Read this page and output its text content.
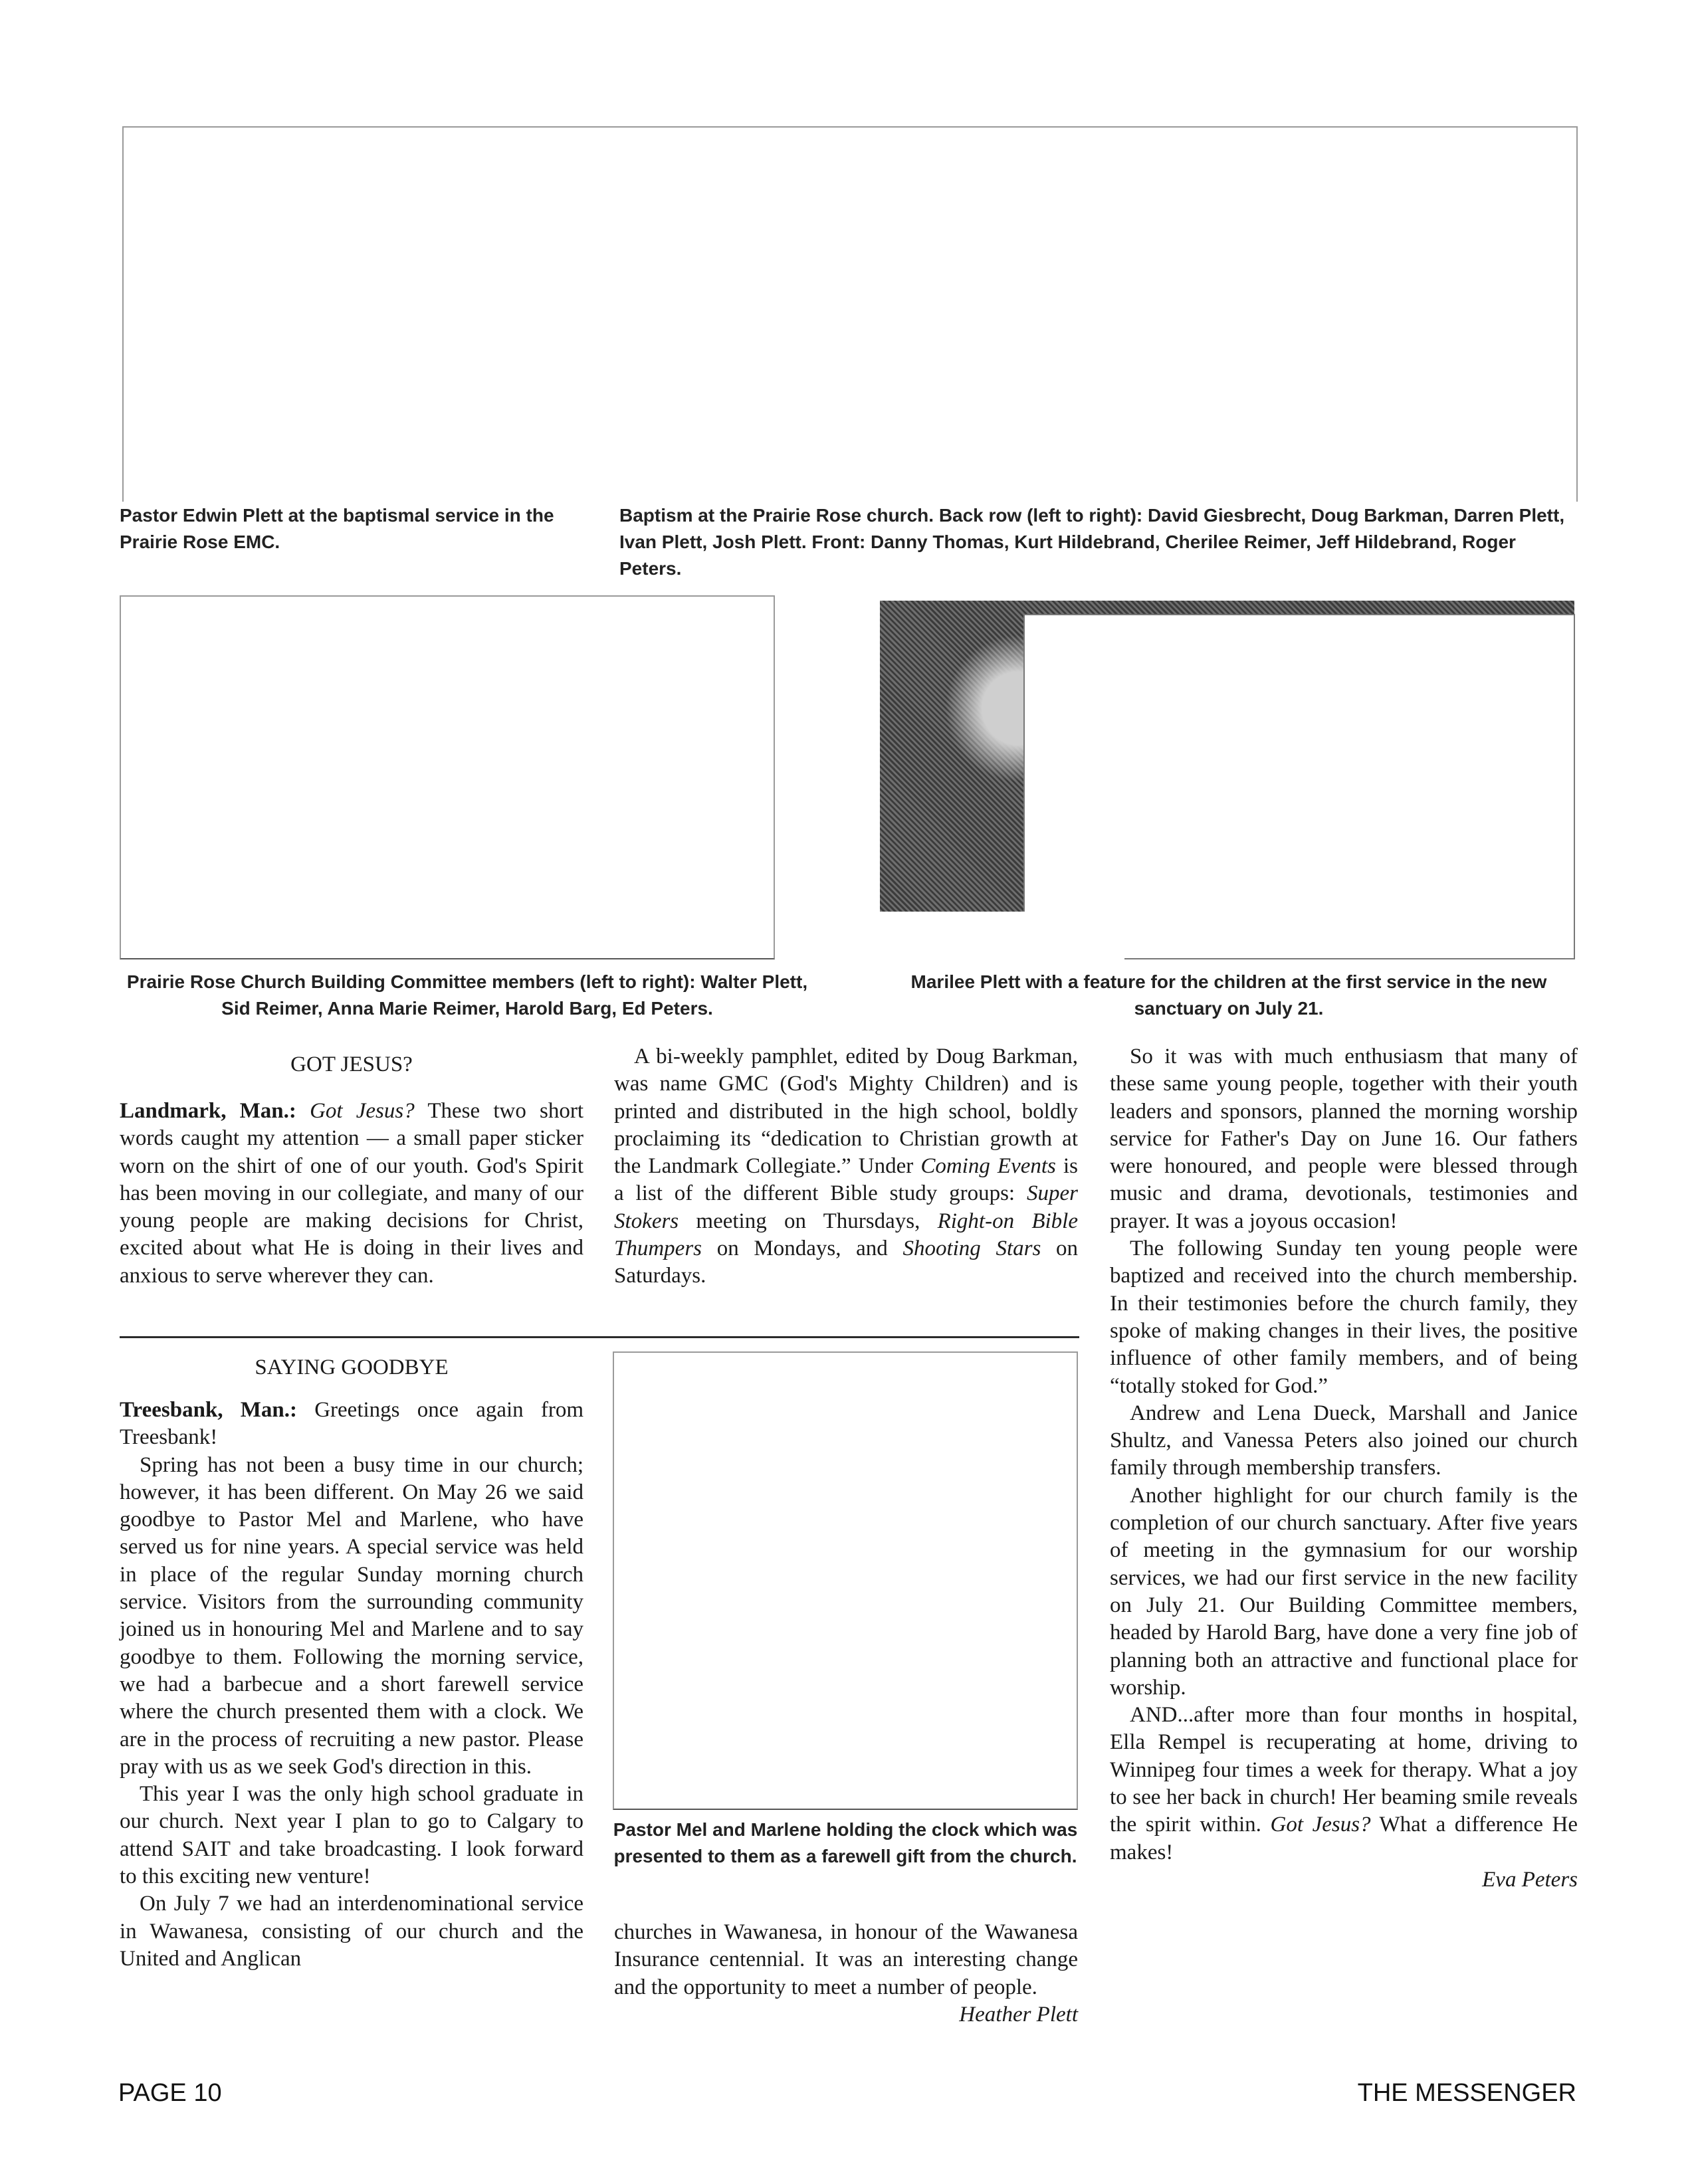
Pastor Edwin Plett at the baptismal service in the Prairie Rose EMC.

Baptism at the Prairie Rose church. Back row (left to right): David Giesbrecht, Doug Barkman, Darren Plett, Ivan Plett, Josh Plett. Front: Danny Thomas, Kurt Hildebrand, Cherilee Reimer, Jeff Hildebrand, Roger Peters.

Prairie Rose Church Building Committee members (left to right): Walter Plett, Sid Reimer, Anna Marie Reimer, Harold Barg, Ed Peters.

Marilee Plett with a feature for the children at the first service in the new sanctuary on July 21.

GOT JESUS?

Landmark, Man.: Got Jesus? These two short words caught my attention — a small paper sticker worn on the shirt of one of our youth. God's Spirit has been moving in our collegiate, and many of our young people are making decisions for Christ, excited about what He is doing in their lives and anxious to serve wherever they can.

A bi-weekly pamphlet, edited by Doug Barkman, was name GMC (God's Mighty Children) and is printed and distributed in the high school, boldly proclaiming its “dedication to Christian growth at the Landmark Collegiate.” Under Coming Events is a list of the different Bible study groups: Super Stokers meeting on Thursdays, Right-on Bible Thumpers on Mondays, and Shooting Stars on Saturdays.

So it was with much enthusiasm that many of these same young people, together with their youth leaders and sponsors, planned the morning worship service for Father's Day on June 16. Our fathers were honoured, and people were blessed through music and drama, devotionals, testimonies and prayer. It was a joyous occasion!

The following Sunday ten young people were baptized and received into the church membership. In their testimonies before the church family, they spoke of making changes in their lives, the positive influence of other family members, and of being “totally stoked for God.”

Andrew and Lena Dueck, Marshall and Janice Shultz, and Vanessa Peters also joined our church family through membership transfers.

Another highlight for our church family is the completion of our church sanctuary. After five years of meeting in the gymnasium for our worship services, we had our first service in the new facility on July 21. Our Building Committee members, headed by Harold Barg, have done a very fine job of planning both an attractive and functional place for worship.

AND...after more than four months in hospital, Ella Rempel is recuperating at home, driving to Winnipeg four times a week for therapy. What a joy to see her back in church! Her beaming smile reveals the spirit within. Got Jesus? What a difference He makes!

Eva Peters

SAYING GOODBYE

Treesbank, Man.: Greetings once again from Treesbank!

Spring has not been a busy time in our church; however, it has been different. On May 26 we said goodbye to Pastor Mel and Marlene, who have served us for nine years. A special service was held in place of the regular Sunday morning church service. Visitors from the surrounding community joined us in honouring Mel and Marlene and to say goodbye to them. Following the morning service, we had a barbecue and a short farewell service where the church presented them with a clock. We are in the process of recruiting a new pastor. Please pray with us as we seek God's direction in this.

This year I was the only high school graduate in our church. Next year I plan to go to Calgary to attend SAIT and take broadcasting. I look forward to this exciting new venture!

On July 7 we had an interdenominational service in Wawanesa, consisting of our church and the United and Anglican

Pastor Mel and Marlene holding the clock which was presented to them as a farewell gift from the church.

churches in Wawanesa, in honour of the Wawanesa Insurance centennial. It was an interesting change and the opportunity to meet a number of people.

Heather Plett

PAGE 10	THE MESSENGER
